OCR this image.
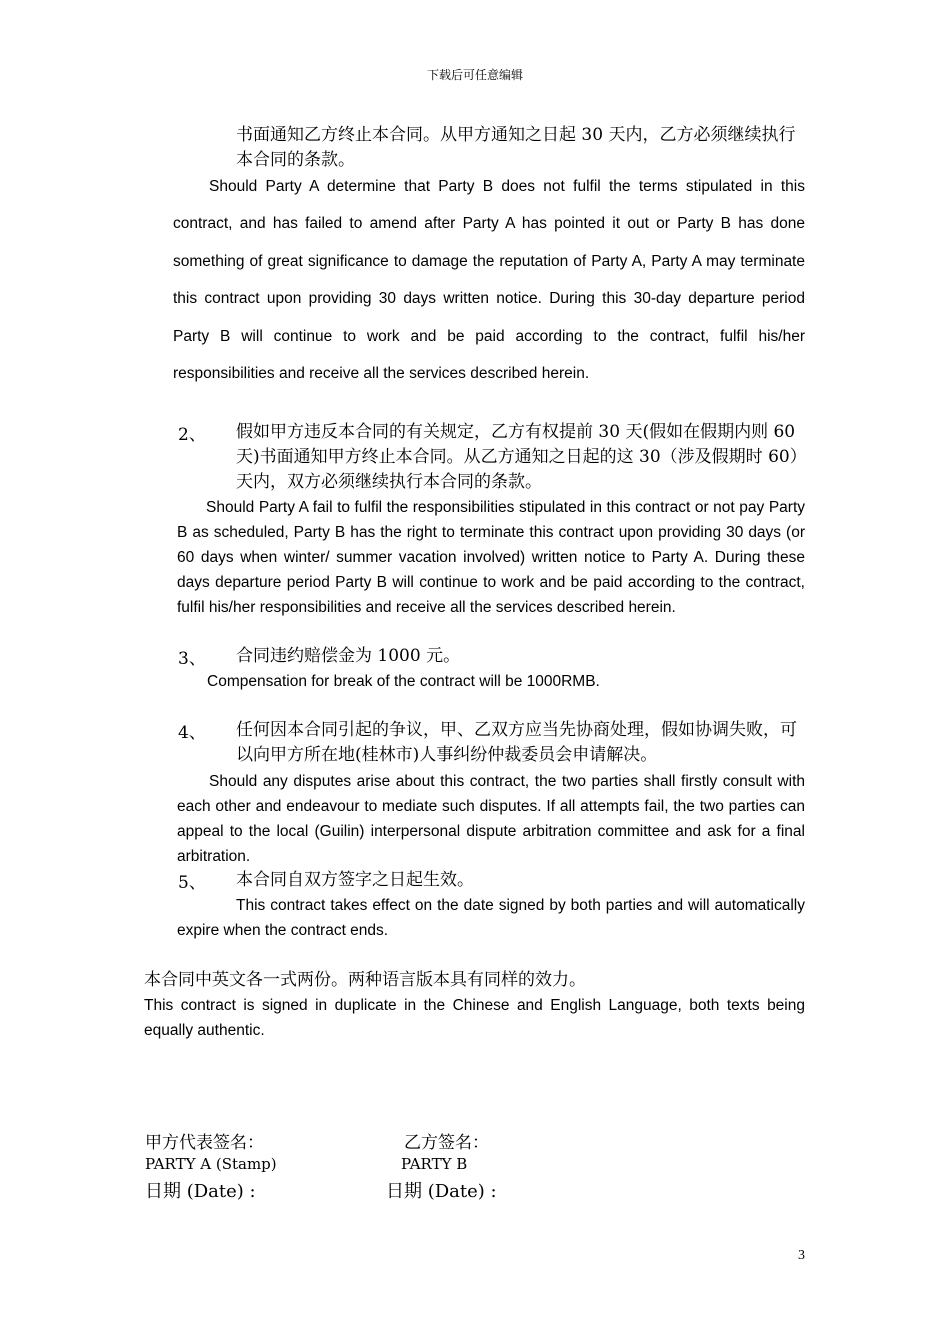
下载后可任意编辑
书面通知乙方终止本合同。从甲方通知之日起 30 天内，乙方必须继续执行本合同的条款。
Should Party A determine that Party B does not fulfil the terms stipulated in this contract, and has failed to amend after Party A has pointed it out or Party B has done something of great significance to damage the reputation of Party A, Party A may terminate this contract upon providing 30 days written notice. During this 30-day departure period Party B will continue to work and be paid according to the contract, fulfil his/her responsibilities and receive all the services described herein.
2、 假如甲方违反本合同的有关规定，乙方有权提前 30 天(假如在假期内则 60 天)书面通知甲方终止本合同。从乙方通知之日起的这 30（涉及假期时 60）天内，双方必须继续执行本合同的条款。
Should Party A fail to fulfil the responsibilities stipulated in this contract or not pay Party B as scheduled, Party B has the right to terminate this contract upon providing 30 days (or 60 days when winter/ summer vacation involved) written notice to Party A. During these days departure period Party B will continue to work and be paid according to the contract, fulfil his/her responsibilities and receive all the services described herein.
3、 合同违约赔偿金为 1000 元。
Compensation for break of the contract will be 1000RMB.
4、 任何因本合同引起的争议，甲、乙双方应当先协商处理，假如协调失败，可以向甲方所在地(桂林市)人事纠纷仲裁委员会申请解决。
Should any disputes arise about this contract, the two parties shall firstly consult with each other and endeavour to mediate such disputes. If all attempts fail, the two parties can appeal to the local (Guilin) interpersonal dispute arbitration committee and ask for a final arbitration.
5、 本合同自双方签字之日起生效。
This contract takes effect on the date signed by both parties and will automatically expire when the contract ends.
本合同中英文各一式两份。两种语言版本具有同样的效力。
This contract is signed in duplicate in the Chinese and English Language, both texts being equally authentic.
甲方代表签名：	乙方签名：
PARTY A (Stamp)	PARTY B
日期 (Date) :	日期 (Date) :
3
